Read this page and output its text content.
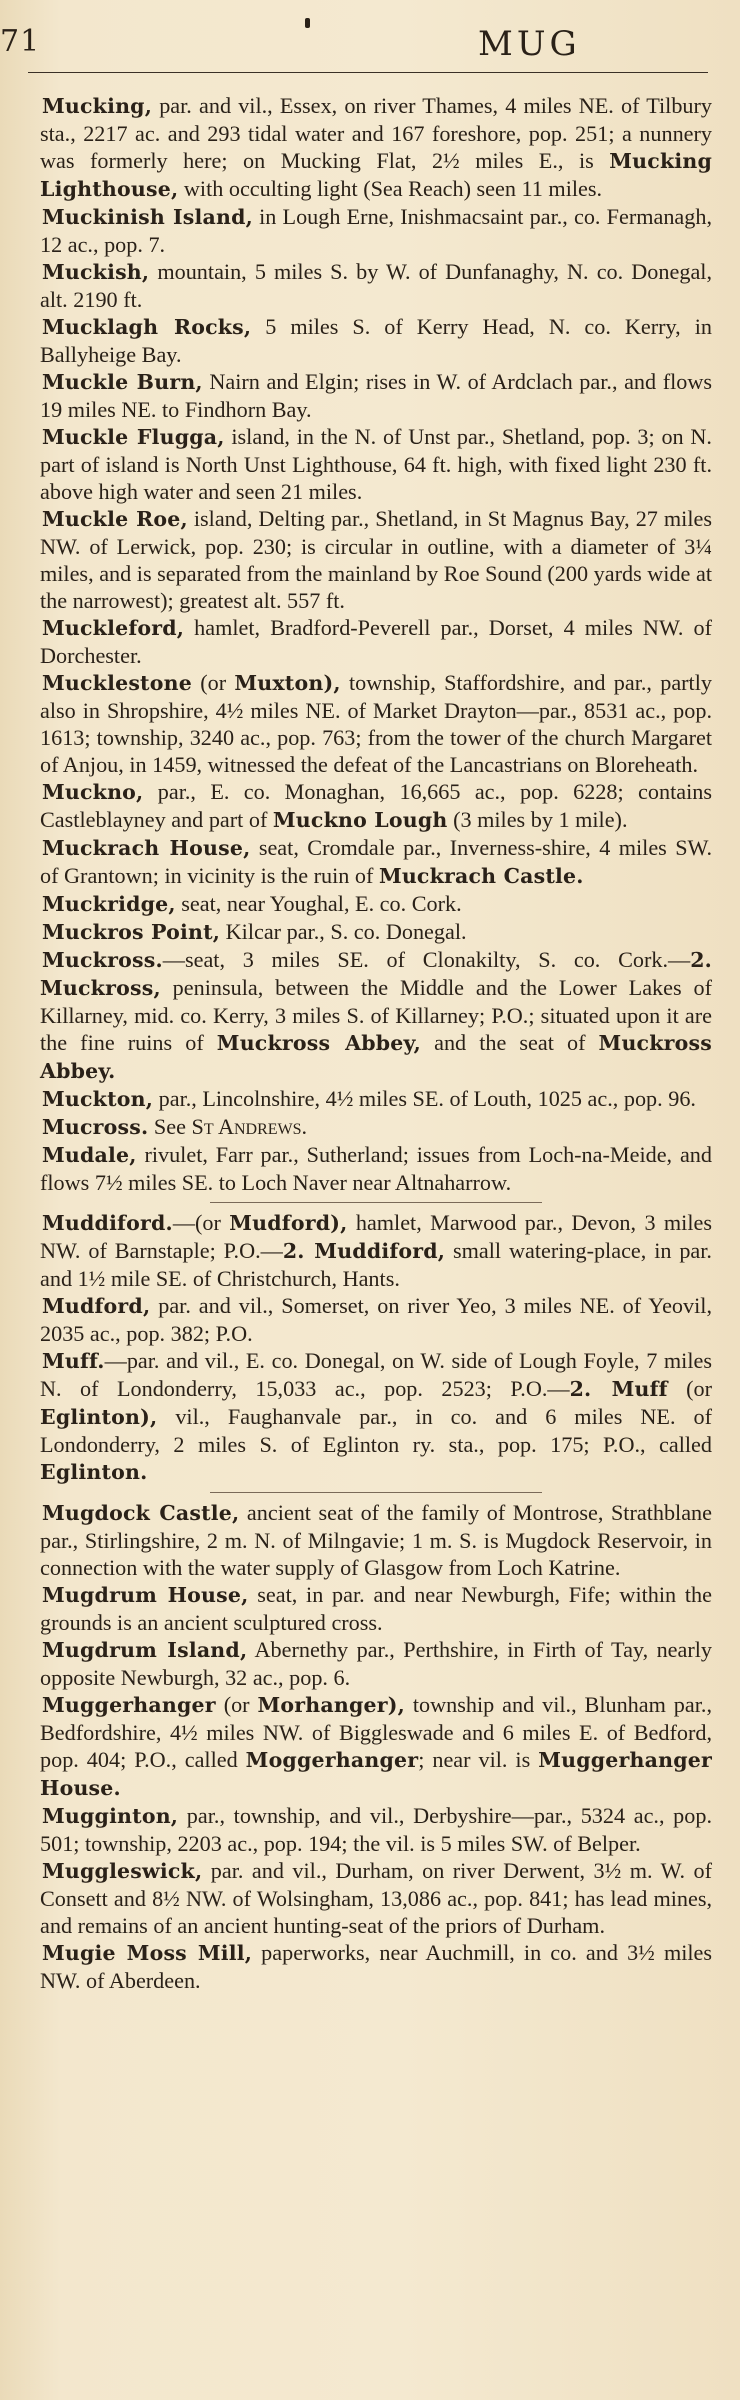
71	MUG

Mucking, par. and vil., Essex, on river Thames, 4 miles NE. of Tilbury sta., 2217 ac. and 293 tidal water and 167 foreshore, pop. 251; a nunnery was formerly here; on Mucking Flat, 2½ miles E., is Mucking Lighthouse, with occulting light (Sea Reach) seen 11 miles.

Muckinish Island, in Lough Erne, Inishmacsaint par., co. Fermanagh, 12 ac., pop. 7.

Muckish, mountain, 5 miles S. by W. of Dunfanaghy, N. co. Donegal, alt. 2190 ft.

Mucklagh Rocks, 5 miles S. of Kerry Head, N. co. Kerry, in Ballyheige Bay.

Muckle Burn, Nairn and Elgin; rises in W. of Ardclach par., and flows 19 miles NE. to Findhorn Bay.

Muckle Flugga, island, in the N. of Unst par., Shetland, pop. 3; on N. part of island is North Unst Lighthouse, 64 ft. high, with fixed light 230 ft. above high water and seen 21 miles.

Muckle Roe, island, Delting par., Shetland, in St Magnus Bay, 27 miles NW. of Lerwick, pop. 230; is circular in outline, with a diameter of 3¼ miles, and is separated from the mainland by Roe Sound (200 yards wide at the narrowest); greatest alt. 557 ft.

Muckleford, hamlet, Bradford-Peverell par., Dorset, 4 miles NW. of Dorchester.

Mucklestone (or Muxton), township, Staffordshire, and par., partly also in Shropshire, 4½ miles NE. of Market Drayton—par., 8531 ac., pop. 1613; township, 3240 ac., pop. 763; from the tower of the church Margaret of Anjou, in 1459, witnessed the defeat of the Lancastrians on Bloreheath.

Muckno, par., E. co. Monaghan, 16,665 ac., pop. 6228; contains Castleblayney and part of Muckno Lough (3 miles by 1 mile).

Muckrach House, seat, Cromdale par., Inverness-shire, 4 miles SW. of Grantown; in vicinity is the ruin of Muckrach Castle.

Muckridge, seat, near Youghal, E. co. Cork.

Muckros Point, Kilcar par., S. co. Donegal.

Muckross.—seat, 3 miles SE. of Clonakilty, S. co. Cork.—2. Muckross, peninsula, between the Middle and the Lower Lakes of Killarney, mid. co. Kerry, 3 miles S. of Killarney; P.O.; situated upon it are the fine ruins of Muckross Abbey, and the seat of Muckross Abbey.

Muckton, par., Lincolnshire, 4½ miles SE. of Louth, 1025 ac., pop. 96.

Mucross. See St Andrews.

Mudale, rivulet, Farr par., Sutherland; issues from Loch-na-Meide, and flows 7½ miles SE. to Loch Naver near Altnaharrow.

Muddiford.—(or Mudford), hamlet, Marwood par., Devon, 3 miles NW. of Barnstaple; P.O.—2. Muddiford, small watering-place, in par. and 1½ mile SE. of Christchurch, Hants.

Mudford, par. and vil., Somerset, on river Yeo, 3 miles NE. of Yeovil, 2035 ac., pop. 382; P.O.

Muff.—par. and vil., E. co. Donegal, on W. side of Lough Foyle, 7 miles N. of Londonderry, 15,033 ac., pop. 2523; P.O.—2. Muff (or Eglinton), vil., Faughanvale par., in co. and 6 miles NE. of Londonderry, 2 miles S. of Eglinton ry. sta., pop. 175; P.O., called Eglinton.

Mugdock Castle, ancient seat of the family of Montrose, Strathblane par., Stirlingshire, 2 m. N. of Milngavie; 1 m. S. is Mugdock Reservoir, in connection with the water supply of Glasgow from Loch Katrine.

Mugdrum House, seat, in par. and near Newburgh, Fife; within the grounds is an ancient sculptured cross.

Mugdrum Island, Abernethy par., Perthshire, in Firth of Tay, nearly opposite Newburgh, 32 ac., pop. 6.

Muggerhanger (or Morhanger), township and vil., Blunham par., Bedfordshire, 4½ miles NW. of Biggleswade and 6 miles E. of Bedford, pop. 404; P.O., called Moggerhanger; near vil. is Muggerhanger House.

Mugginton, par., township, and vil., Derbyshire—par., 5324 ac., pop. 501; township, 2203 ac., pop. 194; the vil. is 5 miles SW. of Belper.

Muggleswick, par. and vil., Durham, on river Derwent, 3½ m. W. of Consett and 8½ NW. of Wolsingham, 13,086 ac., pop. 841; has lead mines, and remains of an ancient hunting-seat of the priors of Durham.

Mugie Moss Mill, paperworks, near Auchmill, in co. and 3½ miles NW. of Aberdeen.
